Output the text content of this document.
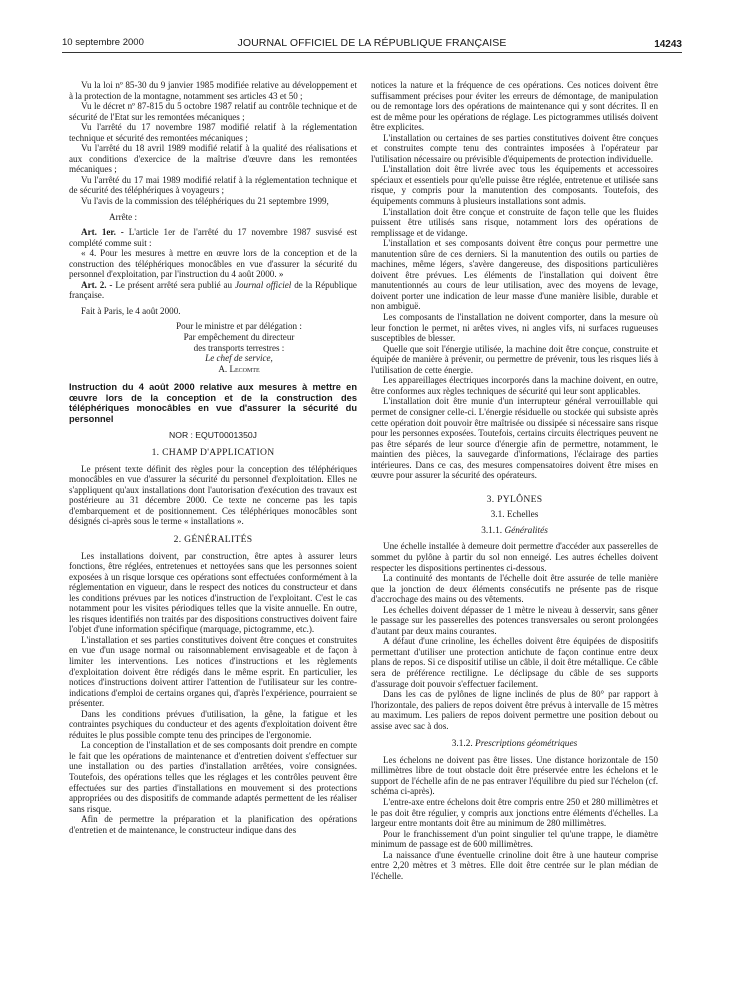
10 septembre 2000	JOURNAL OFFICIEL DE LA RÉPUBLIQUE FRANÇAISE	14243

Vu la loi nº 85-30 du 9 janvier 1985 modifiée relative au développement et à la protection de la montagne, notamment ses articles 43 et 50 ;

Vu le décret nº 87-815 du 5 octobre 1987 relatif au contrôle technique et de sécurité de l'Etat sur les remontées mécaniques ;

Vu l'arrêté du 17 novembre 1987 modifié relatif à la réglementation technique et sécurité des remontées mécaniques ;

Vu l'arrêté du 18 avril 1989 modifié relatif à la qualité des réalisations et aux conditions d'exercice de la maîtrise d'œuvre dans les remontées mécaniques ;

Vu l'arrêté du 17 mai 1989 modifié relatif à la réglementation technique et de sécurité des téléphériques à voyageurs ;

Vu l'avis de la commission des téléphériques du 21 septembre 1999,

Arrête :

Art. 1er. - L'article 1er de l'arrêté du 17 novembre 1987 susvisé est complété comme suit :

« 4. Pour les mesures à mettre en œuvre lors de la conception et de la construction des téléphériques monocâbles en vue d'assurer la sécurité du personnel d'exploitation, par l'instruction du 4 août 2000. »

Art. 2. - Le présent arrêté sera publié au Journal officiel de la République française.

Fait à Paris, le 4 août 2000.

Pour le ministre et par délégation :

Par empêchement du directeur

des transports terrestres :

Le chef de service,

A. Lecomte

Instruction du 4 août 2000 relative aux mesures à mettre en œuvre lors de la conception et de la construction des téléphériques monocâbles en vue d'assurer la sécurité du personnel

NOR : EQUT0001350J

1. CHAMP D'APPLICATION

Le présent texte définit des règles pour la conception des téléphériques monocâbles en vue d'assurer la sécurité du personnel d'exploitation. Elles ne s'appliquent qu'aux installations dont l'autorisation d'exécution des travaux est postérieure au 31 décembre 2000. Ce texte ne concerne pas les tapis d'embarquement et de positionnement. Ces téléphériques monocâbles sont désignés ci-après sous le terme « installations ».

2. GÉNÉRALITÉS

Les installations doivent, par construction, être aptes à assurer leurs fonctions, être réglées, entretenues et nettoyées sans que les personnes soient exposées à un risque lorsque ces opérations sont effectuées conformément à la réglementation en vigueur, dans le respect des notices du constructeur et dans les conditions prévues par les notices d'instruction de l'exploitant. C'est le cas notamment pour les visites périodiques telles que la visite annuelle. En outre, les risques identifiés non traités par des dispositions constructives doivent faire l'objet d'une information spécifique (marquage, pictogramme, etc.).

L'installation et ses parties constitutives doivent être conçues et construites en vue d'un usage normal ou raisonnablement envisageable et de façon à limiter les interventions. Les notices d'instructions et les règlements d'exploitation doivent être rédigés dans le même esprit. En particulier, les notices d'instructions doivent attirer l'attention de l'utilisateur sur les contre-indications d'emploi de certains organes qui, d'après l'expérience, pourraient se présenter.

Dans les conditions prévues d'utilisation, la gêne, la fatigue et les contraintes psychiques du conducteur et des agents d'exploitation doivent être réduites le plus possible compte tenu des principes de l'ergonomie.

La conception de l'installation et de ses composants doit prendre en compte le fait que les opérations de maintenance et d'entretien doivent s'effectuer sur une installation ou des parties d'installation arrêtées, voire consignées. Toutefois, des opérations telles que les réglages et les contrôles peuvent être effectuées sur des parties d'installations en mouvement si des protections appropriées ou des dispositifs de commande adaptés permettent de les réaliser sans risque.

Afin de permettre la préparation et la planification des opérations d'entretien et de maintenance, le constructeur indique dans des

notices la nature et la fréquence de ces opérations. Ces notices doivent être suffisamment précises pour éviter les erreurs de démontage, de manipulation ou de remontage lors des opérations de maintenance qui y sont décrites. Il en est de même pour les opérations de réglage. Les pictogrammes utilisés doivent être explicites.

L'installation ou certaines de ses parties constitutives doivent être conçues et construites compte tenu des contraintes imposées à l'opérateur par l'utilisation nécessaire ou prévisible d'équipements de protection individuelle.

L'installation doit être livrée avec tous les équipements et accessoires spéciaux et essentiels pour qu'elle puisse être réglée, entretenue et utilisée sans risque, y compris pour la manutention des composants. Toutefois, des équipements communs à plusieurs installations sont admis.

L'installation doit être conçue et construite de façon telle que les fluides puissent être utilisés sans risque, notamment lors des opérations de remplissage et de vidange.

L'installation et ses composants doivent être conçus pour permettre une manutention sûre de ces derniers. Si la manutention des outils ou parties de machines, même légers, s'avère dangereuse, des dispositions particulières doivent être prévues. Les éléments de l'installation qui doivent être manutentionnés au cours de leur utilisation, avec des moyens de levage, doivent porter une indication de leur masse d'une manière lisible, durable et non ambiguë.

Les composants de l'installation ne doivent comporter, dans la mesure où leur fonction le permet, ni arêtes vives, ni angles vifs, ni surfaces rugueuses susceptibles de blesser.

Quelle que soit l'énergie utilisée, la machine doit être conçue, construite et équipée de manière à prévenir, ou permettre de prévenir, tous les risques liés à l'utilisation de cette énergie.

Les appareillages électriques incorporés dans la machine doivent, en outre, être conformes aux règles techniques de sécurité qui leur sont applicables.

L'installation doit être munie d'un interrupteur général verrouillable qui permet de consigner celle-ci. L'énergie résiduelle ou stockée qui subsiste après cette opération doit pouvoir être maîtrisée ou dissipée si nécessaire sans risque pour les personnes exposées. Toutefois, certains circuits électriques peuvent ne pas être séparés de leur source d'énergie afin de permettre, notamment, le maintien des pièces, la sauvegarde d'informations, l'éclairage des parties intérieures. Dans ce cas, des mesures compensatoires doivent être mises en œuvre pour assurer la sécurité des opérateurs.

3. PYLÔNES

3.1. Echelles

3.1.1. Généralités

Une échelle installée à demeure doit permettre d'accéder aux passerelles de sommet du pylône à partir du sol non enneigé. Les autres échelles doivent respecter les dispositions pertinentes ci-dessous.

La continuité des montants de l'échelle doit être assurée de telle manière que la jonction de deux éléments consécutifs ne présente pas de risque d'accrochage des mains ou des vêtements.

Les échelles doivent dépasser de 1 mètre le niveau à desservir, sans gêner le passage sur les passerelles des potences transversales ou seront prolongées d'autant par deux mains courantes.

A défaut d'une crinoline, les échelles doivent être équipées de dispositifs permettant d'utiliser une protection antichute de façon continue entre deux plans de repos. Si ce dispositif utilise un câble, il doit être métallique. Ce câble sera de préférence rectiligne. Le déclipsage du câble de ses supports d'assurage doit pouvoir s'effectuer facilement.

Dans les cas de pylônes de ligne inclinés de plus de 80° par rapport à l'horizontale, des paliers de repos doivent être prévus à intervalle de 15 mètres au maximum. Les paliers de repos doivent permettre une position debout ou assise avec sac à dos.

3.1.2. Prescriptions géométriques

Les échelons ne doivent pas être lisses. Une distance horizontale de 150 millimètres libre de tout obstacle doit être préservée entre les échelons et le support de l'échelle afin de ne pas entraver l'équilibre du pied sur l'échelon (cf. schéma ci-après).

L'entre-axe entre échelons doit être compris entre 250 et 280 millimètres et le pas doit être régulier, y compris aux jonctions entre éléments d'échelles. La largeur entre montants doit être au minimum de 280 millimètres.

Pour le franchissement d'un point singulier tel qu'une trappe, le diamètre minimum de passage est de 600 millimètres.

La naissance d'une éventuelle crinoline doit être à une hauteur comprise entre 2,20 mètres et 3 mètres. Elle doit être centrée sur le plan médian de l'échelle.
